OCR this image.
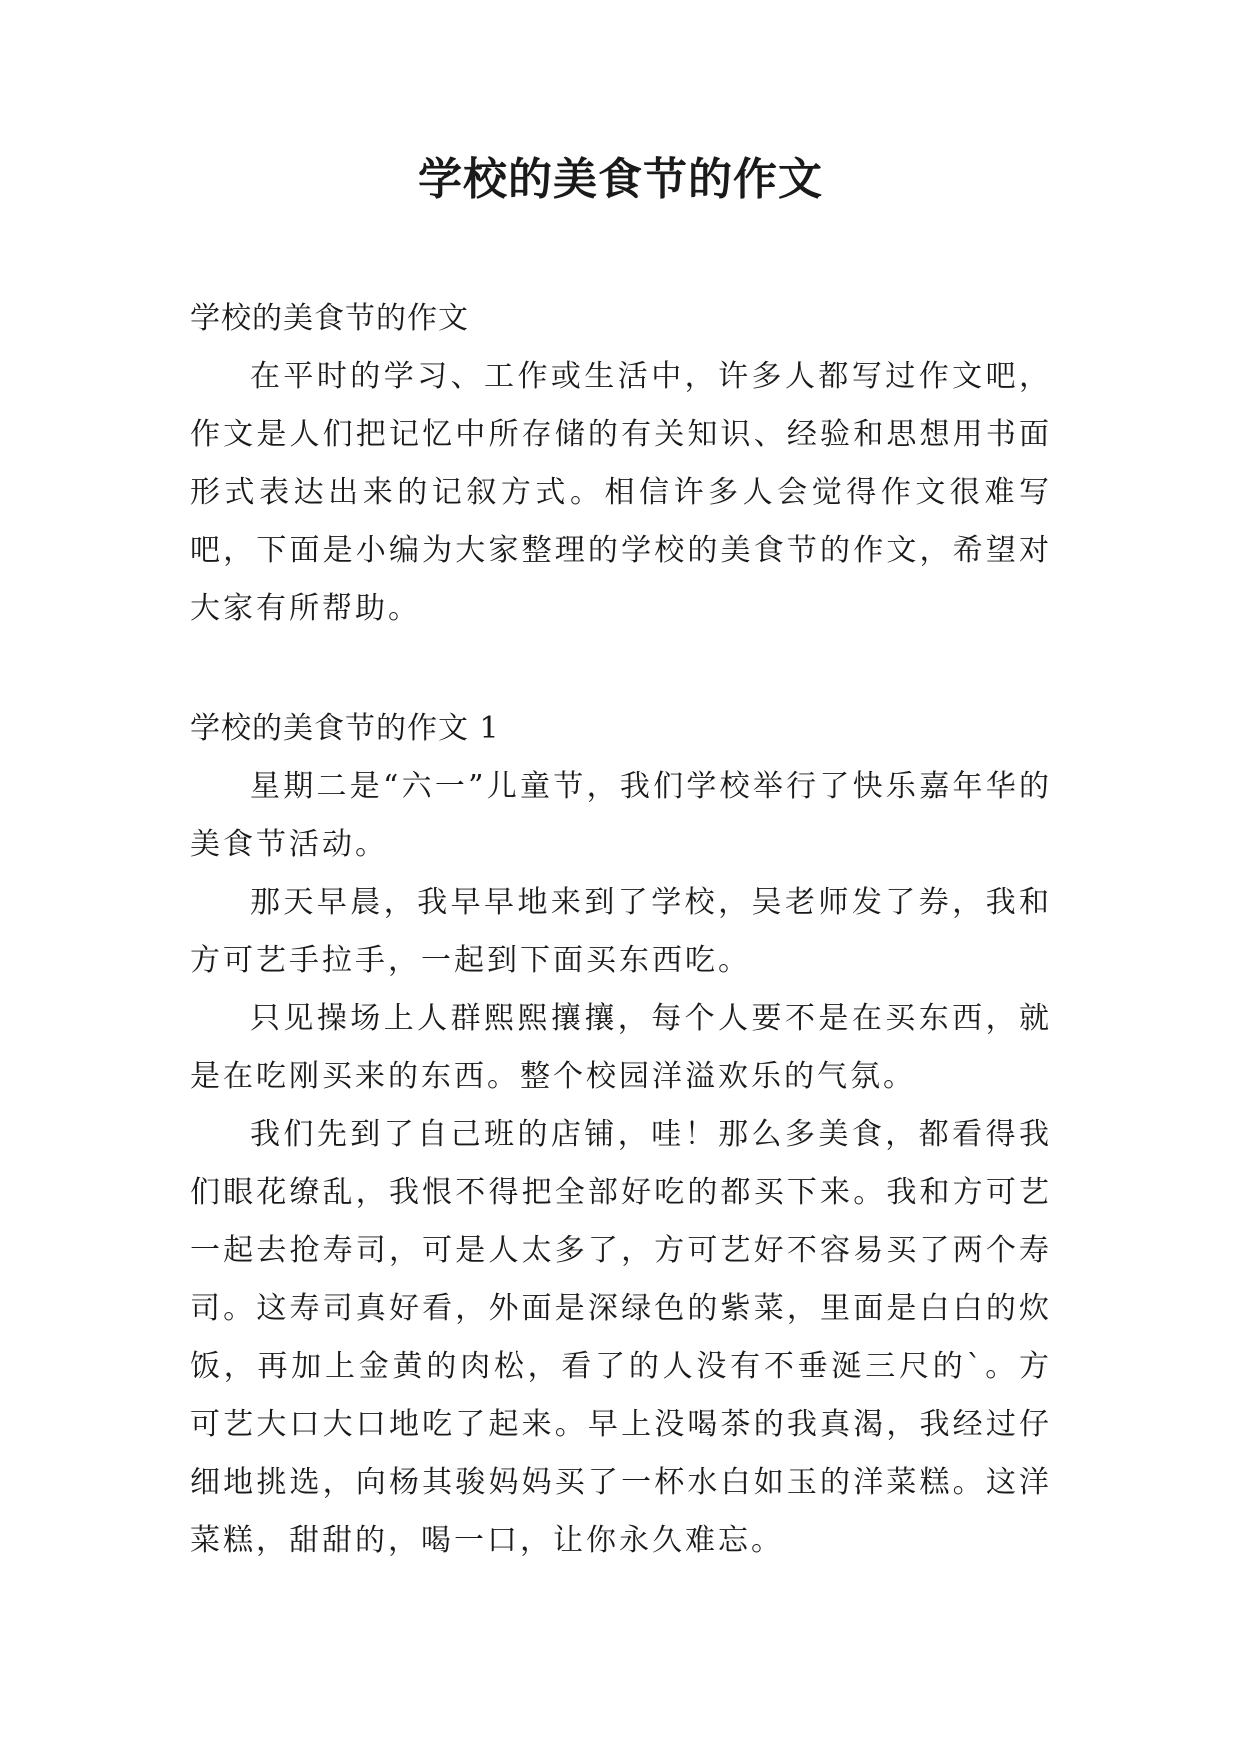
学校的美食节的作文

学校的美食节的作文

在平时的学习、工作或生活中，许多人都写过作文吧，作文是人们把记忆中所存储的有关知识、经验和思想用书面形式表达出来的记叙方式。相信许多人会觉得作文很难写吧，下面是小编为大家整理的学校的美食节的作文，希望对大家有所帮助。

学校的美食节的作文 1

星期二是“六一”儿童节，我们学校举行了快乐嘉年华的美食节活动。

那天早晨，我早早地来到了学校，吴老师发了券，我和方可艺手拉手，一起到下面买东西吃。

只见操场上人群熙熙攘攘，每个人要不是在买东西，就是在吃刚买来的东西。整个校园洋溢欢乐的气氛。

我们先到了自己班的店铺，哇！那么多美食，都看得我们眼花缭乱，我恨不得把全部好吃的都买下来。我和方可艺一起去抢寿司，可是人太多了，方可艺好不容易买了两个寿司。这寿司真好看，外面是深绿色的紫菜，里面是白白的炊饭，再加上金黄的肉松，看了的人没有不垂涎三尺的`。方可艺大口大口地吃了起来。早上没喝茶的我真渴，我经过仔细地挑选，向杨其骏妈妈买了一杯水白如玉的洋菜糕。这洋菜糕，甜甜的，喝一口，让你永久难忘。
